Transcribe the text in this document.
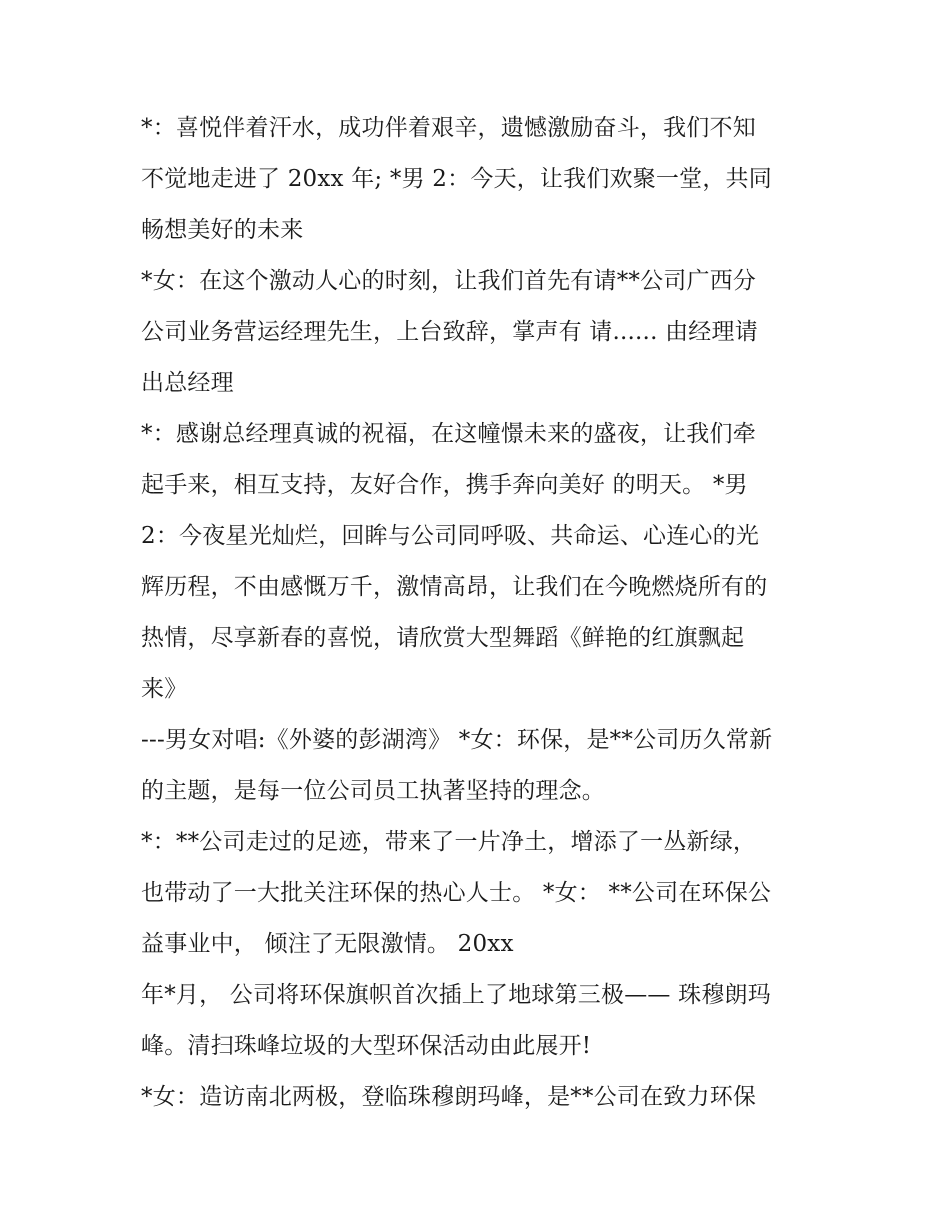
*：喜悦伴着汗水，成功伴着艰辛，遗憾激励奋斗，我们不知
不觉地走进了 20xx 年; *男 2：今天，让我们欢聚一堂，共同
畅想美好的未来
*女：在这个激动人心的时刻，让我们首先有请**公司广西分
公司业务营运经理先生，上台致辞，掌声有 请...... 由经理请
出总经理
*：感谢总经理真诚的祝福，在这幢憬未来的盛夜，让我们牵
起手来，相互支持，友好合作，携手奔向美好 的明天。 *男
2：今夜星光灿烂，回眸与公司同呼吸、共命运、心连心的光
辉历程，不由感慨万千，激情高昂，让我们在今晚燃烧所有的
热情，尽享新春的喜悦，请欣赏大型舞蹈《鲜艳的红旗飘起
来》
---男女对唱:《外婆的彭湖湾》 *女：环保，是**公司历久常新
的主题，是每一位公司员工执著坚持的理念。
*：**公司走过的足迹，带来了一片净土，增添了一丛新绿，
也带动了一大批关注环保的热心人士。 *女： **公司在环保公
益事业中， 倾注了无限激情。 20xx
年*月， 公司将环保旗帜首次插上了地球第三极—— 珠穆朗玛
峰。清扫珠峰垃圾的大型环保活动由此展开!
*女：造访南北两极，登临珠穆朗玛峰，是**公司在致力环保
